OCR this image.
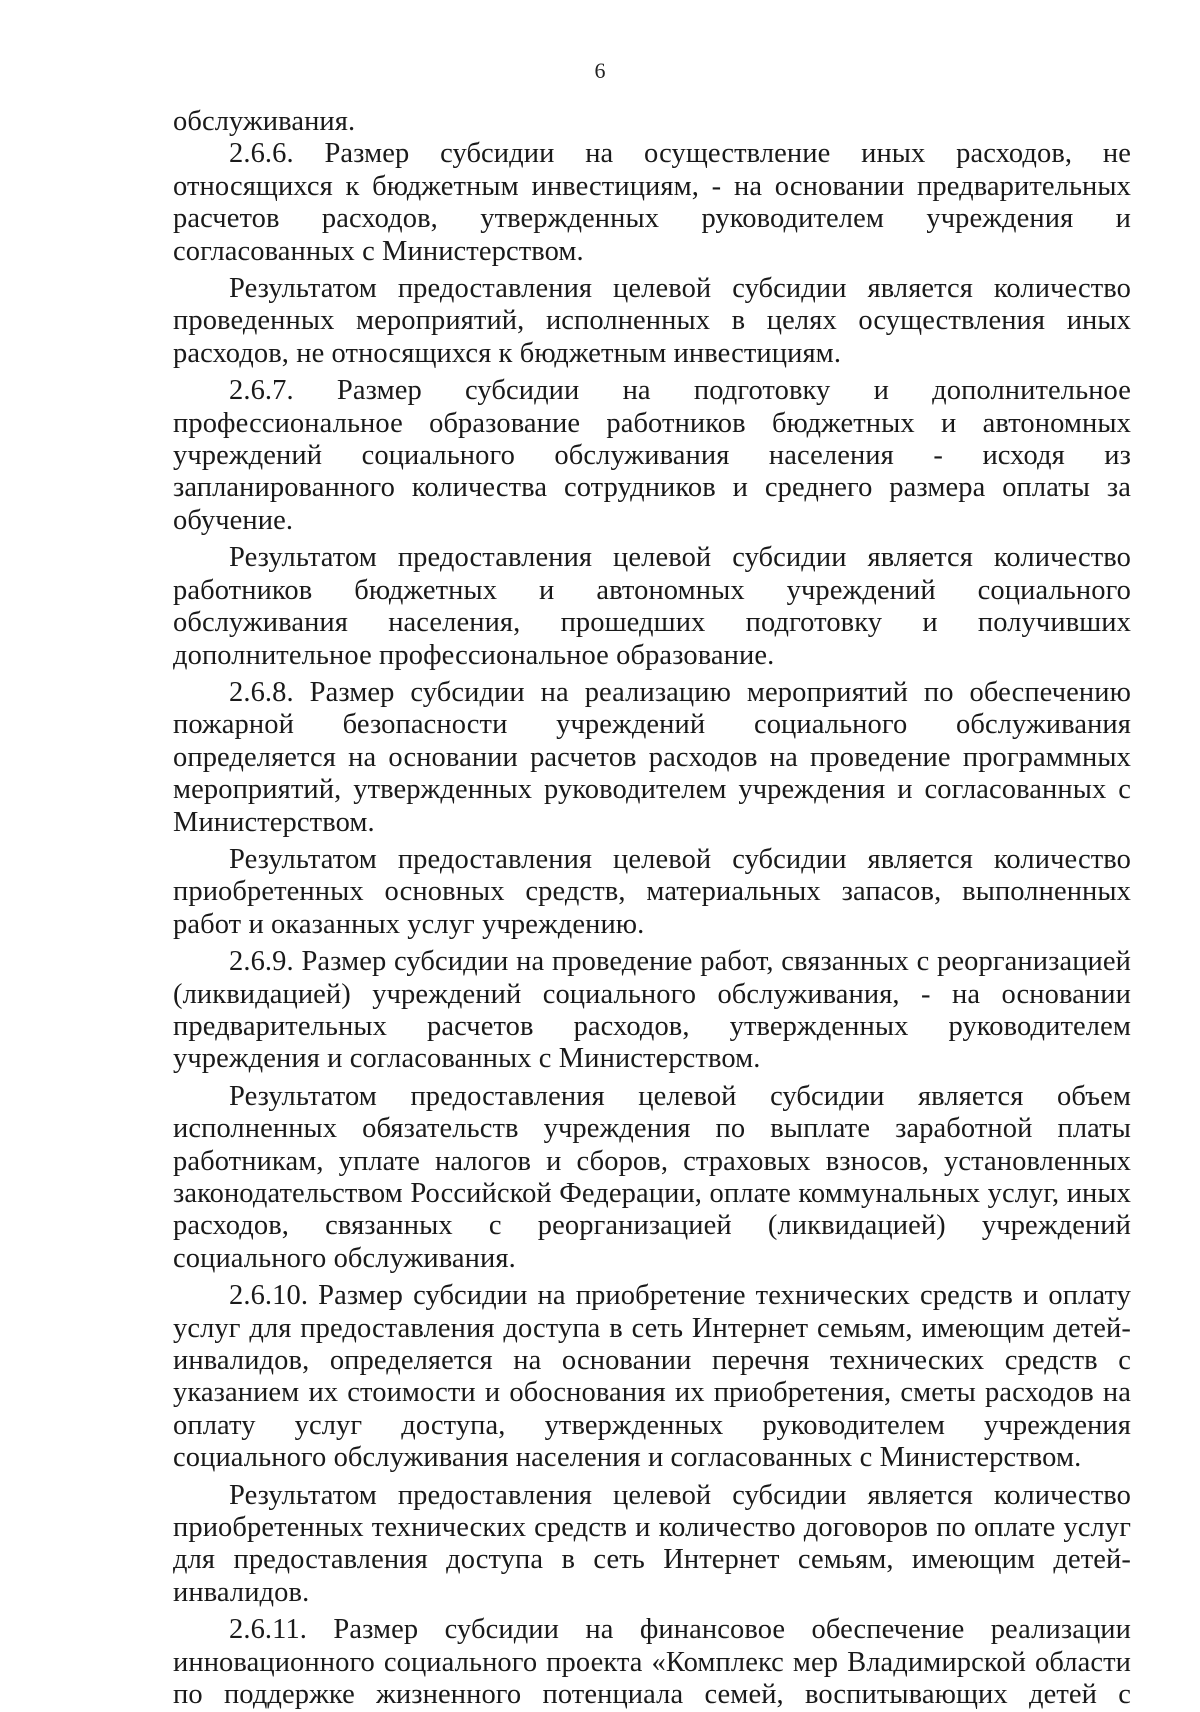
6

обслуживания.

2.6.6. Размер субсидии на осуществление иных расходов, не относящихся к бюджетным инвестициям, - на основании предварительных расчетов расходов, утвержденных руководителем учреждения и согласованных с Министерством.

Результатом предоставления целевой субсидии является количество проведенных мероприятий, исполненных в целях осуществления иных расходов, не относящихся к бюджетным инвестициям.

2.6.7. Размер субсидии на подготовку и дополнительное профессиональное образование работников бюджетных и автономных учреждений социального обслуживания населения - исходя из запланированного количества сотрудников и среднего размера оплаты за обучение.

Результатом предоставления целевой субсидии является количество работников бюджетных и автономных учреждений социального обслуживания населения, прошедших подготовку и получивших дополнительное профессиональное образование.

2.6.8. Размер субсидии на реализацию мероприятий по обеспечению пожарной безопасности учреждений социального обслуживания определяется на основании расчетов расходов на проведение программных мероприятий, утвержденных руководителем учреждения и согласованных с Министерством.

Результатом предоставления целевой субсидии является количество приобретенных основных средств, материальных запасов, выполненных работ и оказанных услуг учреждению.

2.6.9. Размер субсидии на проведение работ, связанных с реорганизацией (ликвидацией) учреждений социального обслуживания, - на основании предварительных расчетов расходов, утвержденных руководителем учреждения и согласованных с Министерством.

Результатом предоставления целевой субсидии является объем исполненных обязательств учреждения по выплате заработной платы работникам, уплате налогов и сборов, страховых взносов, установленных законодательством Российской Федерации, оплате коммунальных услуг, иных расходов, связанных с реорганизацией (ликвидацией) учреждений социального обслуживания.

2.6.10. Размер субсидии на приобретение технических средств и оплату услуг для предоставления доступа в сеть Интернет семьям, имеющим детей-инвалидов, определяется на основании перечня технических средств с указанием их стоимости и обоснования их приобретения, сметы расходов на оплату услуг доступа, утвержденных руководителем учреждения социального обслуживания населения и согласованных с Министерством.

Результатом предоставления целевой субсидии является количество приобретенных технических средств и количество договоров по оплате услуг для предоставления доступа в сеть Интернет семьям, имеющим детей-инвалидов.

2.6.11. Размер субсидии на финансовое обеспечение реализации инновационного социального проекта «Комплекс мер Владимирской области по поддержке жизненного потенциала семей, воспитывающих детей с
